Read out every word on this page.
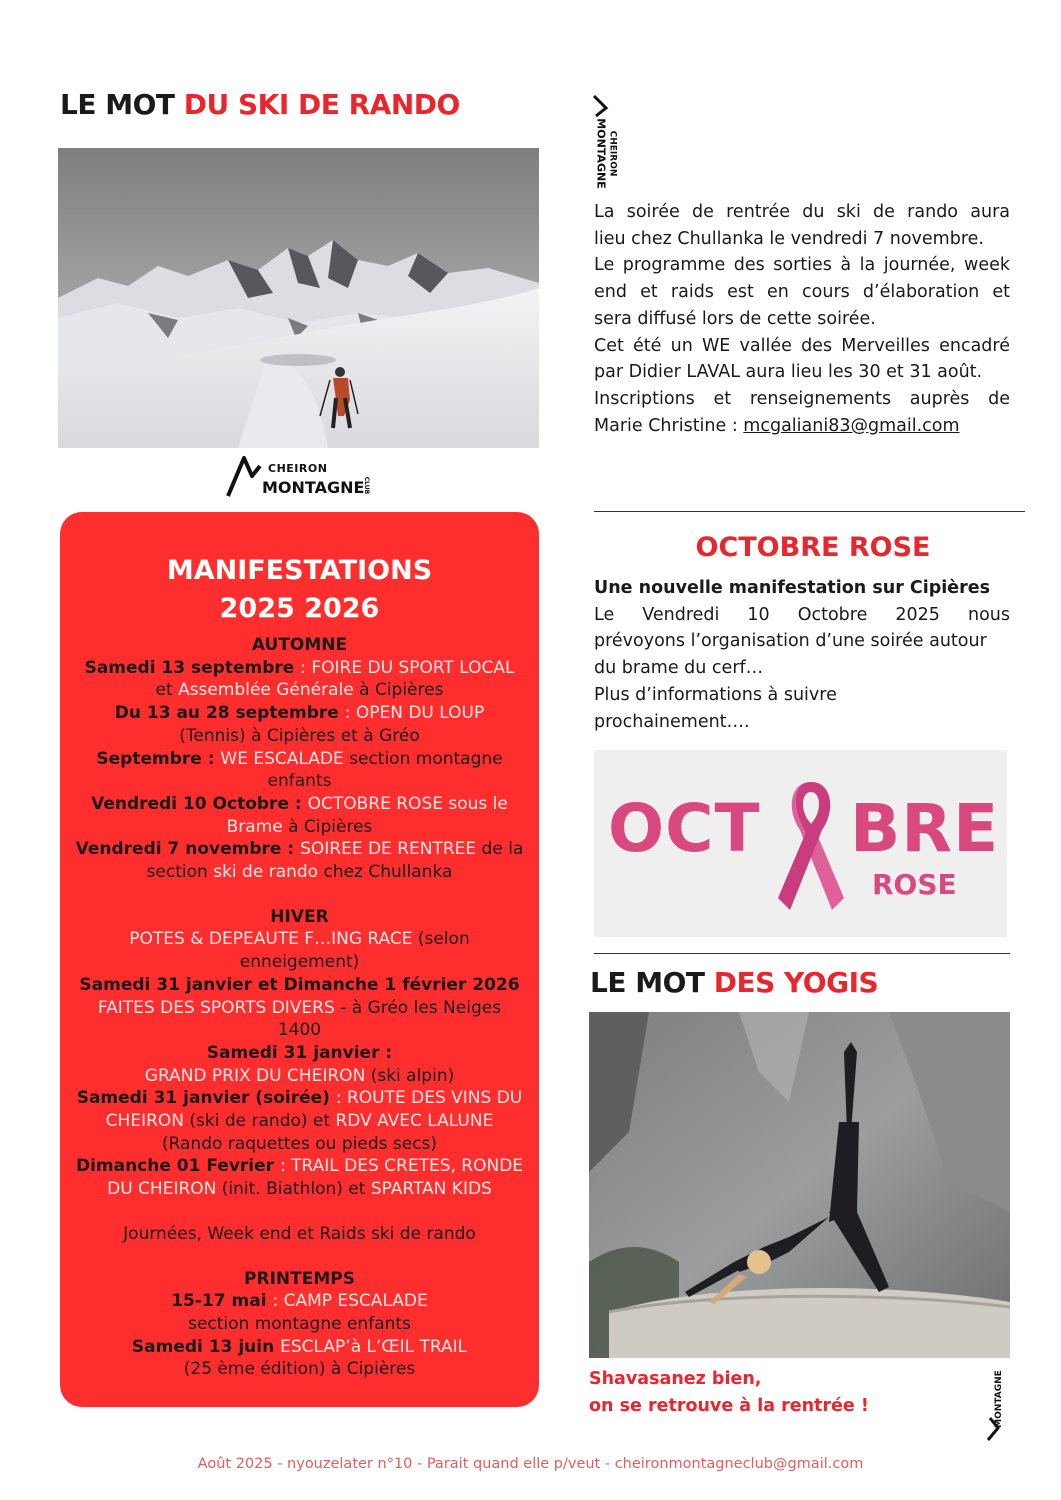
LE MOT DU SKI DE RANDO
CHEIRON MONTAGNE
La soirée de rentrée du ski de rando aura
lieu chez Chullanka le vendredi 7 novembre.
Le programme des sorties à la journée, week
end et raids est en cours d’élaboration et
sera diffusé lors de cette soirée.
Cet été un WE vallée des Merveilles encadré
par Didier LAVAL aura lieu les 30 et 31 août.
Inscriptions et renseignements auprès de
Marie Christine : mcgaliani83@gmail.com
CHEIRON
MONTAGNE
CLUB
MANIFESTATIONS
2025 2026
AUTOMNE
Samedi 13 septembre : FOIRE DU SPORT LOCAL
et Assemblée Générale à Cipières
Du 13 au 28 septembre : OPEN DU LOUP
(Tennis) à Cipières et à Gréo
Septembre : WE ESCALADE section montagne
enfants
Vendredi 10 Octobre : OCTOBRE ROSE sous le
Brame à Cipières
Vendredi 7 novembre : SOIREE DE RENTREE de la
section ski de rando chez Chullanka
HIVER
POTES & DEPEAUTE F…ING RACE (selon
enneigement)
Samedi 31 janvier et Dimanche 1 février 2026
FAITES DES SPORTS DIVERS - à Gréo les Neiges
1400
Samedi 31 janvier :
GRAND PRIX DU CHEIRON (ski alpin)
Samedi 31 janvier (soirée) : ROUTE DES VINS DU
CHEIRON (ski de rando) et RDV AVEC LALUNE
(Rando raquettes ou pieds secs)
Dimanche 01 Fevrier : TRAIL DES CRETES, RONDE
DU CHEIRON (init. Biathlon) et SPARTAN KIDS
Journées, Week end et Raids ski de rando
PRINTEMPS
15-17 mai : CAMP ESCALADE
section montagne enfants
Samedi 13 juin ESCLAP’à L’ŒIL TRAIL
(25 ème édition) à Cipières
OCTOBRE ROSE
Une nouvelle manifestation sur Cipières
Le Vendredi 10 Octobre 2025 nous
prévoyons l’organisation d’une soirée autour
du brame du cerf…
Plus d’informations à suivre
prochainement….
OCT BRE
ROSE
LE MOT DES YOGIS
Shavasanez bien,
on se retrouve à la rentrée !	MONTAGNE
Août 2025 - nyouzelater n°10 - Parait quand elle p/veut - cheironmontagneclub@gmail.com
